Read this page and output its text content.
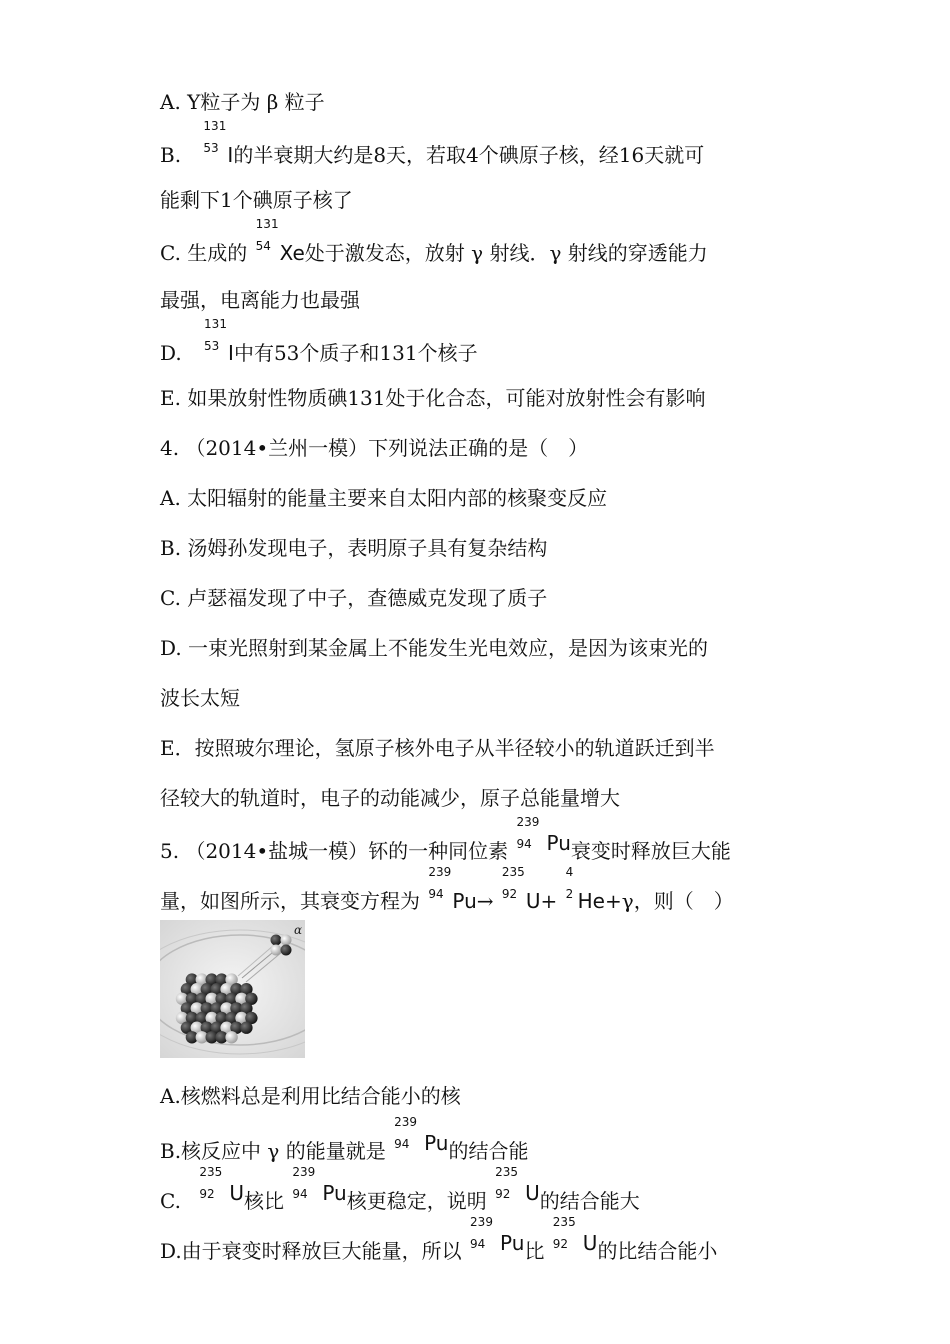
A. Y粒子为 β 粒子
B.
131
53 I的半衰期大约是8天，若取4个碘原子核，经16天就可
能剩下1个碘原子核了
C. 生成的
131
54 Xe处于激发态，放射 γ 射线．γ 射线的穿透能力
最强，电离能力也最强
D.
131
53 I中有53个质子和131个核子
E. 如果放射性物质碘131处于化合态，可能对放射性会有影响
4. （2014•兰州一模）下列说法正确的是（　）
A. 太阳辐射的能量主要来自太阳内部的核聚变反应
B. 汤姆孙发现电子，表明原子具有复杂结构
C. 卢瑟福发现了中子，查德威克发现了质子
D. 一束光照射到某金属上不能发生光电效应，是因为该束光的
波长太短
E．按照玻尔理论，氢原子核外电子从半径较小的轨道跃迁到半
径较大的轨道时，电子的动能减少，原子总能量增大
5. （2014•盐城一模）钚的一种同位素
239
94 Pu衰变时释放巨大能
量，如图所示，其衰变方程为
239
94 Pu→
235
92 U+
4
2 He+γ，则（　）
α
A.核燃料总是利用比结合能小的核
B.核反应中 γ 的能量就是
239
94 Pu的结合能
C.
235
92 U核比
239
94 Pu核更稳定，说明
235
92 U的结合能大
D.由于衰变时释放巨大能量，所以
239
94 Pu比
235
92 U的比结合能小
